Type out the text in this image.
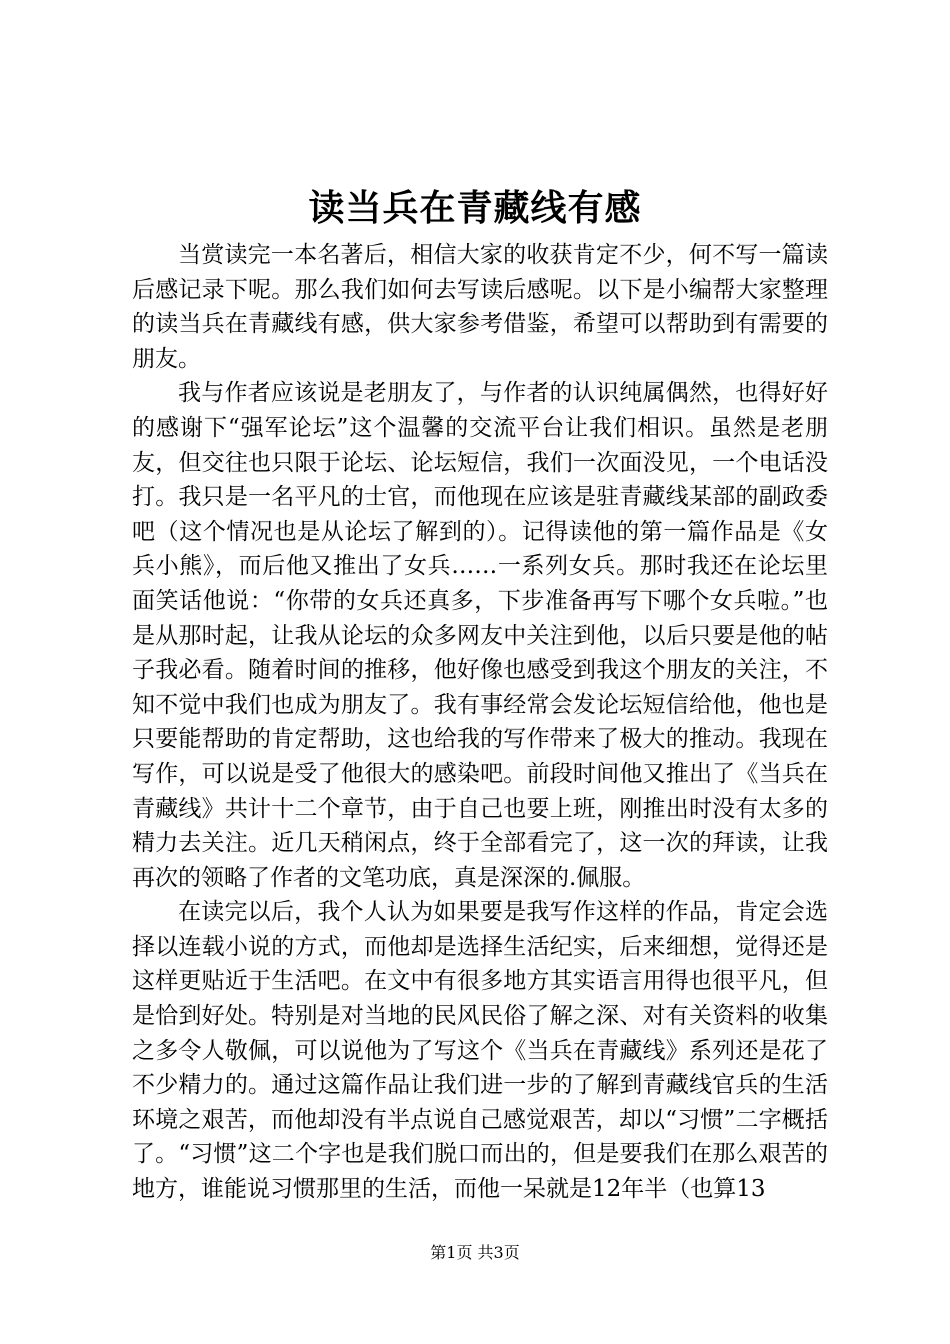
读当兵在青藏线有感

当赏读完一本名著后，相信大家的收获肯定不少，何不写一篇读后感记录下呢。那么我们如何去写读后感呢。以下是小编帮大家整理的读当兵在青藏线有感，供大家参考借鉴，希望可以帮助到有需要的朋友。

我与作者应该说是老朋友了，与作者的认识纯属偶然，也得好好的感谢下“强军论坛”这个温馨的交流平台让我们相识。虽然是老朋友，但交往也只限于论坛、论坛短信，我们一次面没见，一个电话没打。我只是一名平凡的士官，而他现在应该是驻青藏线某部的副政委吧（这个情况也是从论坛了解到的）。记得读他的第一篇作品是《女兵小熊》，而后他又推出了女兵……一系列女兵。那时我还在论坛里面笑话他说：“你带的女兵还真多，下步准备再写下哪个女兵啦。”也是从那时起，让我从论坛的众多网友中关注到他，以后只要是他的帖子我必看。随着时间的推移，他好像也感受到我这个朋友的关注，不知不觉中我们也成为朋友了。我有事经常会发论坛短信给他，他也是只要能帮助的肯定帮助，这也给我的写作带来了极大的推动。我现在写作，可以说是受了他很大的感染吧。前段时间他又推出了《当兵在青藏线》共计十二个章节，由于自己也要上班，刚推出时没有太多的精力去关注。近几天稍闲点，终于全部看完了，这一次的拜读，让我再次的领略了作者的文笔功底，真是深深的.佩服。

在读完以后，我个人认为如果要是我写作这样的作品，肯定会选择以连载小说的方式，而他却是选择生活纪实，后来细想，觉得还是这样更贴近于生活吧。在文中有很多地方其实语言用得也很平凡，但是恰到好处。特别是对当地的民风民俗了解之深、对有关资料的收集之多令人敬佩，可以说他为了写这个《当兵在青藏线》系列还是花了不少精力的。通过这篇作品让我们进一步的了解到青藏线官兵的生活环境之艰苦，而他却没有半点说自己感觉艰苦，却以“习惯”二字概括了。“习惯”这二个字也是我们脱口而出的，但是要我们在那么艰苦的地方，谁能说习惯那里的生活，而他一呆就是12年半（也算13

第1页 共3页
